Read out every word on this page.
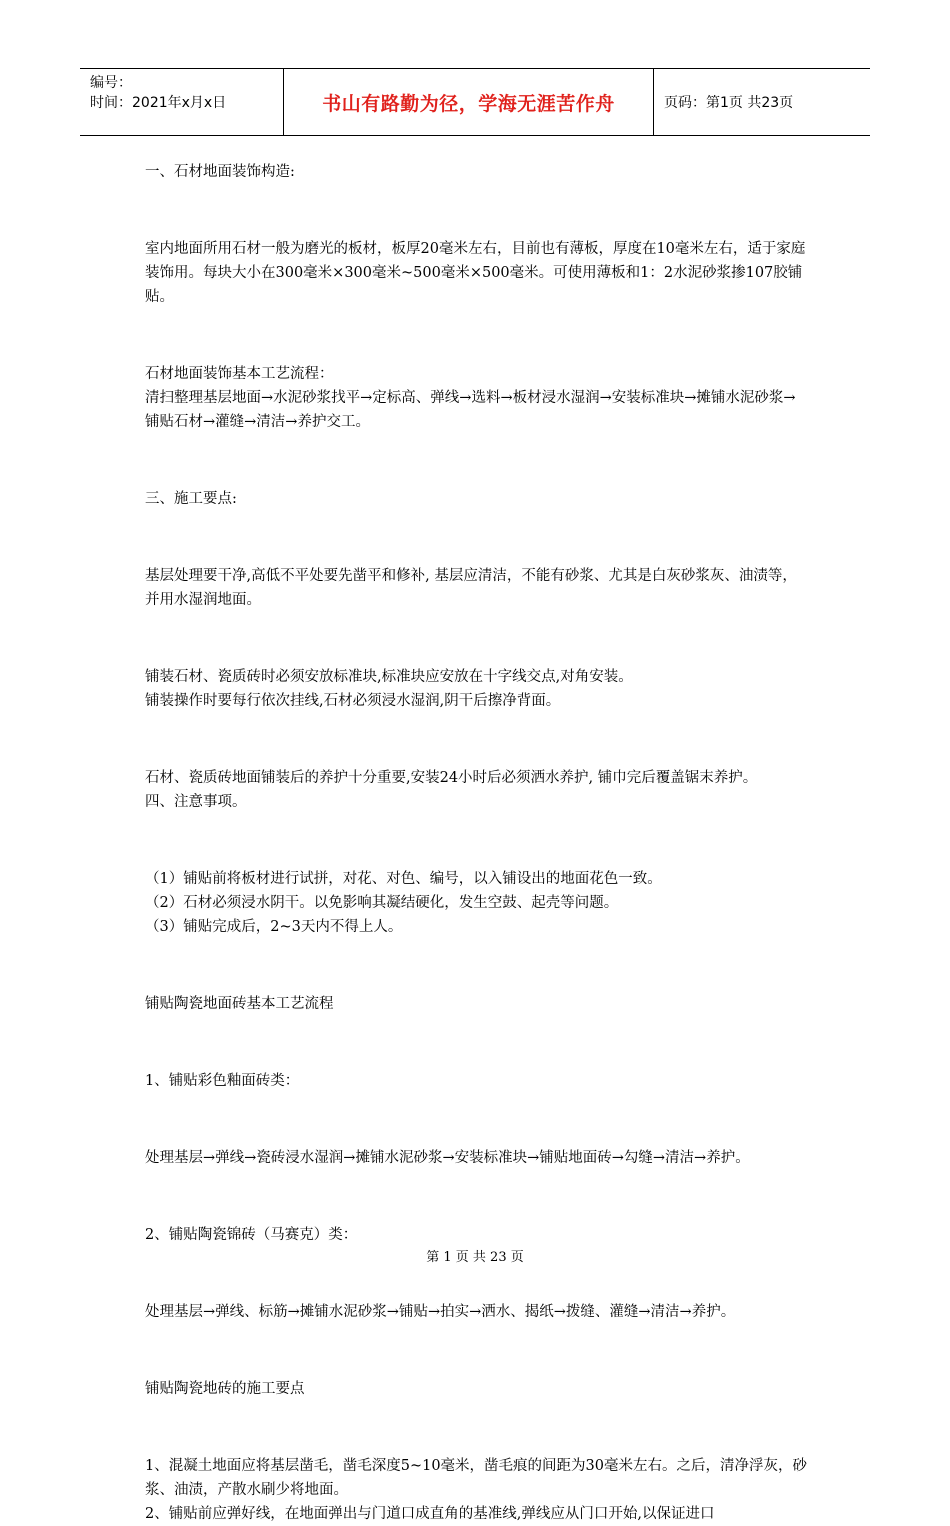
编号：
时间：2021年x月x日	书山有路勤为径，学海无涯苦作舟	页码：第1页 共23页

一、石材地面装饰构造:

室内地面所用石材一般为磨光的板材，板厚20毫米左右，目前也有薄板，厚度在10毫米左右，适于家庭装饰用。每块大小在300毫米×300毫米~500毫米×500毫米。可使用薄板和1：2水泥砂浆掺107胶铺贴。

石材地面装饰基本工艺流程：

清扫整理基层地面→水泥砂浆找平→定标高、弹线→选料→板材浸水湿润→安装标准块→摊铺水泥砂浆→铺贴石材→灌缝→清洁→养护交工。

三、施工要点:

基层处理要干净,高低不平处要先凿平和修补, 基层应清洁，不能有砂浆、尤其是白灰砂浆灰、油渍等，并用水湿润地面。

铺装石材、瓷质砖时必须安放标准块,标准块应安放在十字线交点,对角安装。

铺装操作时要每行依次挂线,石材必须浸水湿润,阴干后擦净背面。

石材、瓷质砖地面铺装后的养护十分重要,安装24小时后必须洒水养护, 铺巾完后覆盖锯末养护。

四、注意事项。

（1）铺贴前将板材进行试拼，对花、对色、编号，以入铺设出的地面花色一致。

（2）石材必须浸水阴干。以免影响其凝结硬化，发生空鼓、起壳等问题。

（3）铺贴完成后，2~3天内不得上人。

铺贴陶瓷地面砖基本工艺流程

1、铺贴彩色釉面砖类：

处理基层→弹线→瓷砖浸水湿润→摊铺水泥砂浆→安装标准块→铺贴地面砖→勾缝→清洁→养护。

2、铺贴陶瓷锦砖（马赛克）类：

处理基层→弹线、标筋→摊铺水泥砂浆→铺贴→拍实→洒水、揭纸→拨缝、灌缝→清洁→养护。

铺贴陶瓷地砖的施工要点

1、混凝土地面应将基层凿毛，凿毛深度5~10毫米，凿毛痕的间距为30毫米左右。之后，清净浮灰，砂浆、油渍，产散水刷少将地面。

2、铺贴前应弹好线，在地面弹出与门道口成直角的基准线,弹线应从门口开始,以保证进口

第 1 页 共 23 页
